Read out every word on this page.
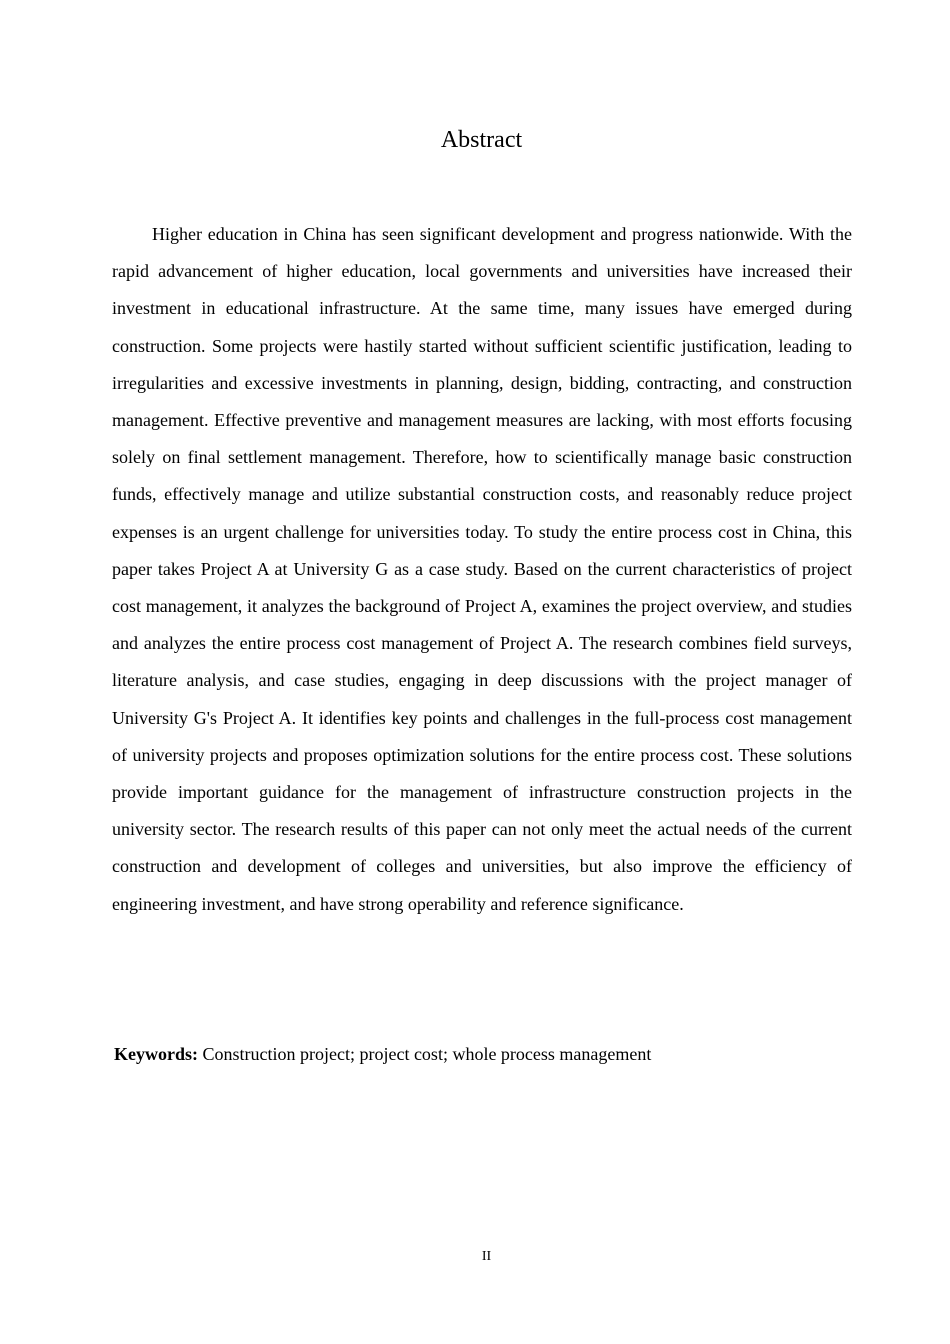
Abstract

Higher education in China has seen significant development and progress nationwide. With the rapid advancement of higher education, local governments and universities have increased their investment in educational infrastructure. At the same time, many issues have emerged during construction. Some projects were hastily started without sufficient scientific justification, leading to irregularities and excessive investments in planning, design, bidding, contracting, and construction management. Effective preventive and management measures are lacking, with most efforts focusing solely on final settlement management. Therefore, how to scientifically manage basic construction funds, effectively manage and utilize substantial construction costs, and reasonably reduce project expenses is an urgent challenge for universities today. To study the entire process cost in China, this paper takes Project A at University G as a case study. Based on the current characteristics of project cost management, it analyzes the background of Project A, examines the project overview, and studies and analyzes the entire process cost management of Project A. The research combines field surveys, literature analysis, and case studies, engaging in deep discussions with the project manager of University G's Project A. It identifies key points and challenges in the full-process cost management of university projects and proposes optimization solutions for the entire process cost. These solutions provide important guidance for the management of infrastructure construction projects in the university sector. The research results of this paper can not only meet the actual needs of the current construction and development of colleges and universities, but also improve the efficiency of engineering investment, and have strong operability and reference significance.

Keywords: Construction project; project cost; whole process management

II
